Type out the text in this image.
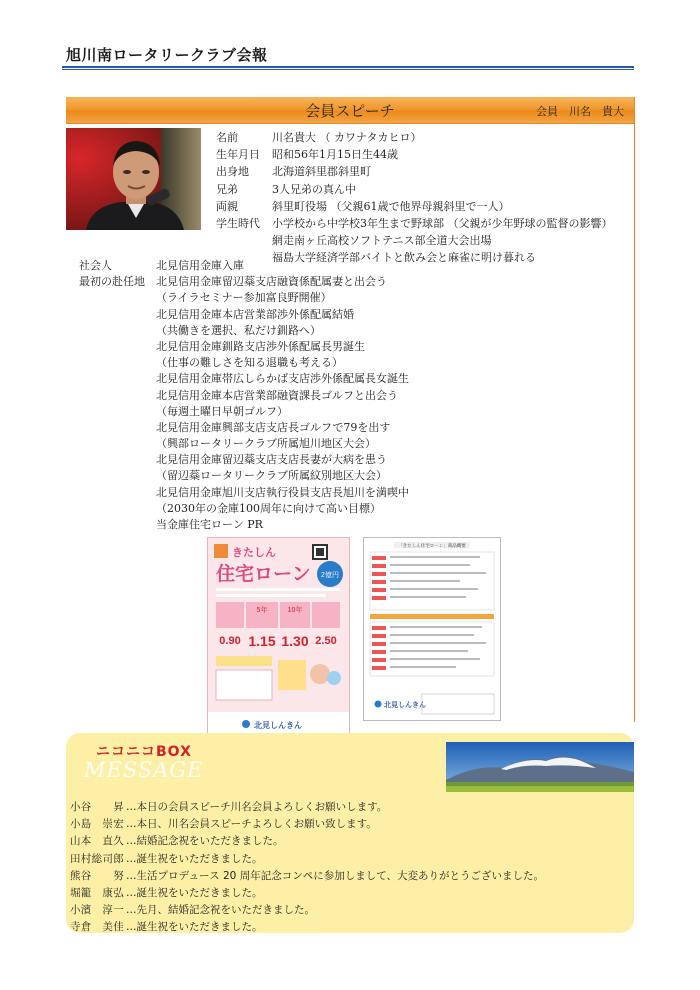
旭川南ロータリークラブ会報
会員スピーチ	会員　川名　貴大
名前	川名貴大 （ カワナタカヒロ）
生年月日	昭和56年1月15日生44歳
出身地	北海道斜里郡斜里町
兄弟	3人兄弟の真ん中
両親	斜里町役場 （父親61歳で他界母親斜里で一人）
学生時代	小学校から中学校3年生まで野球部 （父親が少年野球の監督の影響）
網走南ヶ丘高校ソフトテニス部全道大会出場
福島大学経済学部バイトと飲み会と麻雀に明け暮れる
社会人	北見信用金庫入庫
最初の赴任地	北見信用金庫留辺蘂支店融資係配属妻と出会う
（ライラセミナー参加富良野開催）
北見信用金庫本店営業部渉外係配属結婚
（共働きを選択、私だけ釧路へ）
北見信用金庫釧路支店渉外係配属長男誕生
（仕事の難しさを知る退職も考える）
北見信用金庫帯広しらかば支店渉外係配属長女誕生
北見信用金庫本店営業部融資課長ゴルフと出会う
（毎週土曜日早朝ゴルフ）
北見信用金庫興部支店支店長ゴルフで79を出す
（興部ロータリークラブ所属旭川地区大会）
北見信用金庫留辺蘂支店支店長妻が大病を患う
（留辺蘂ロータリークラブ所属紋別地区大会）
北見信用金庫旭川支店執行役員支店長旭川を満喫中
（2030年の金庫100周年に向けて高い目標）
当金庫住宅ローン PR
きたしん
住宅ローン 2億円
5年	10年
0.90 1.15 1.30 2.50
北見しんきん
「きたしん住宅ローン」商品概要
北見しんきん
MESSAGE
ニコニコBOX
小谷　　昇 …本日の会員スピーチ川名会員よろしくお願いします。
小島　崇宏 …本日、川名会員スピーチよろしくお願い致します。
山本　直久 …結婚記念祝をいただきました。
田村総司郎 …誕生祝をいただきました。
熊谷　　努 …生活プロデュース 20 周年記念コンペに参加しまして、大変ありがとうございました。
堀籠　康弘 …誕生祝をいただきました。
小濱　淳一 …先月、結婚記念祝をいただきました。
寺倉　美佳 …誕生祝をいただきました。
